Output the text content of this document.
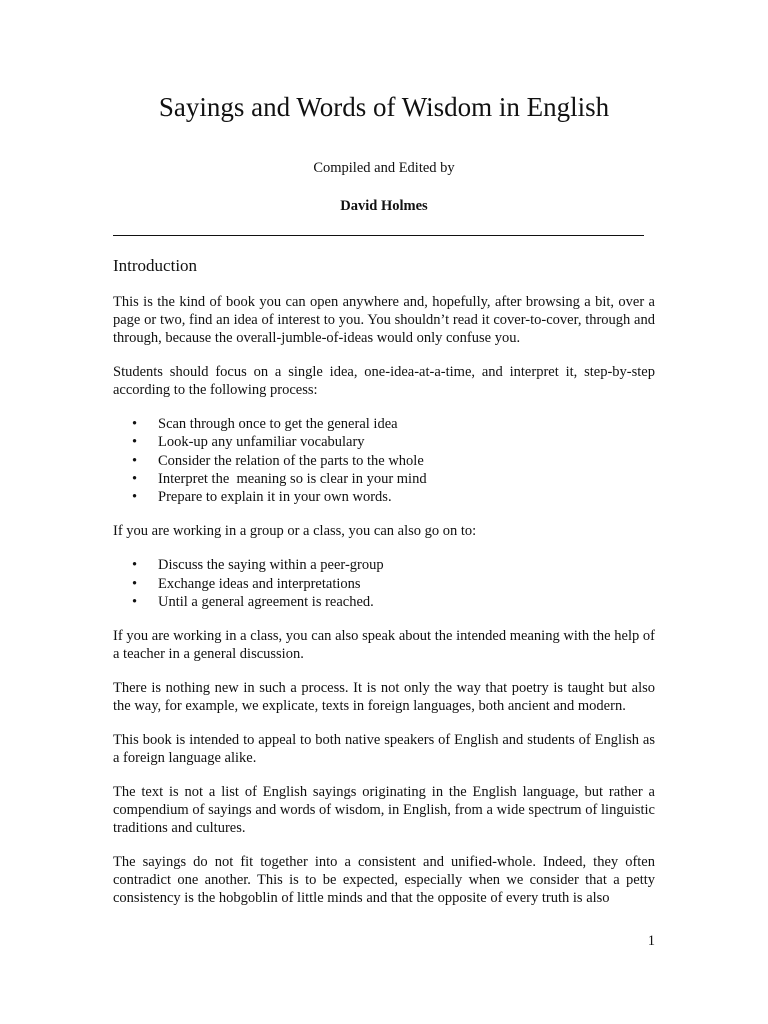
Sayings and Words of Wisdom in English
Compiled and Edited by
David Holmes
Introduction

This is the kind of book you can open anywhere and, hopefully, after browsing a bit, over a page or two, find an idea of interest to you. You shouldn’t read it cover-to-cover, through and through, because the overall-jumble-of-ideas would only confuse you.

Students should focus on a single idea, one-idea-at-a-time, and interpret it, step-by-step according to the following process:

• Scan through once to get the general idea
• Look-up any unfamiliar vocabulary
• Consider the relation of the parts to the whole
• Interpret the  meaning so is clear in your mind
• Prepare to explain it in your own words.

If you are working in a group or a class, you can also go on to:

• Discuss the saying within a peer-group
• Exchange ideas and interpretations
• Until a general agreement is reached.

If you are working in a class, you can also speak about the intended meaning with the help of a teacher in a general discussion.

There is nothing new in such a process. It is not only the way that poetry is taught but also the way, for example, we explicate, texts in foreign languages, both ancient and modern.

This book is intended to appeal to both native speakers of English and students of English as a foreign language alike.

The text is not a list of English sayings originating in the English language, but rather a compendium of sayings and words of wisdom, in English, from a wide spectrum of linguistic traditions and cultures.

The sayings do not fit together into a consistent and unified-whole. Indeed, they often contradict one another. This is to be expected, especially when we consider that a petty consistency is the hobgoblin of little minds and that the opposite of every truth is also

1
